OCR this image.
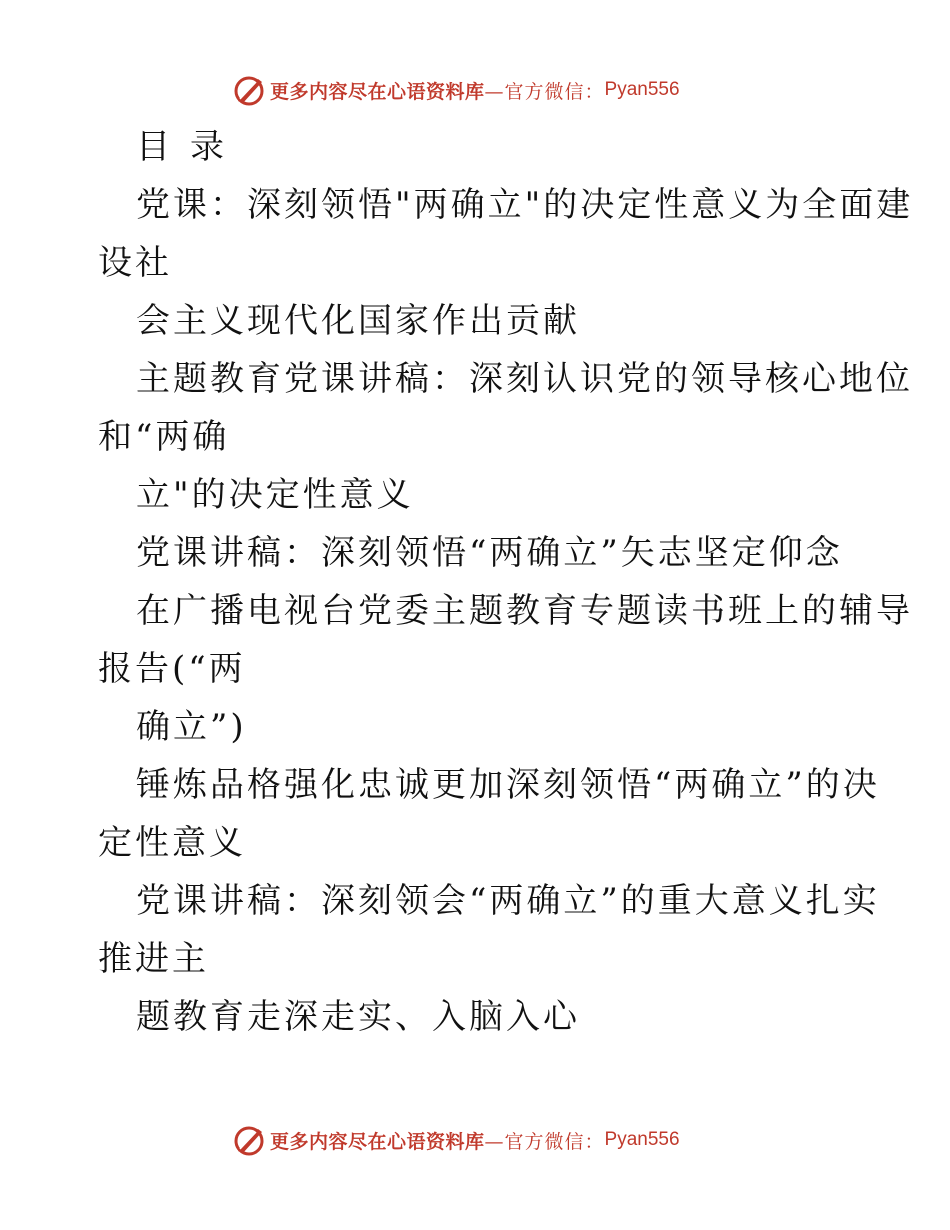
更多内容尽在心语资料库 —官方微信： Pyan556
目录
党课：深刻领悟"两确立"的决定性意义为全面建
设社
会主义现代化国家作出贡献
主题教育党课讲稿：深刻认识党的领导核心地位
和“两确
立"的决定性意义
党课讲稿：深刻领悟“两确立”矢志坚定仰念
在广播电视台党委主题教育专题读书班上的辅导
报告(“两
确立”)
锤炼品格强化忠诚更加深刻领悟“两确立”的决
定性意义
党课讲稿：深刻领会“两确立”的重大意义扎实
推进主
题教育走深走实、入脑入心
更多内容尽在心语资料库 —官方微信： Pyan556
